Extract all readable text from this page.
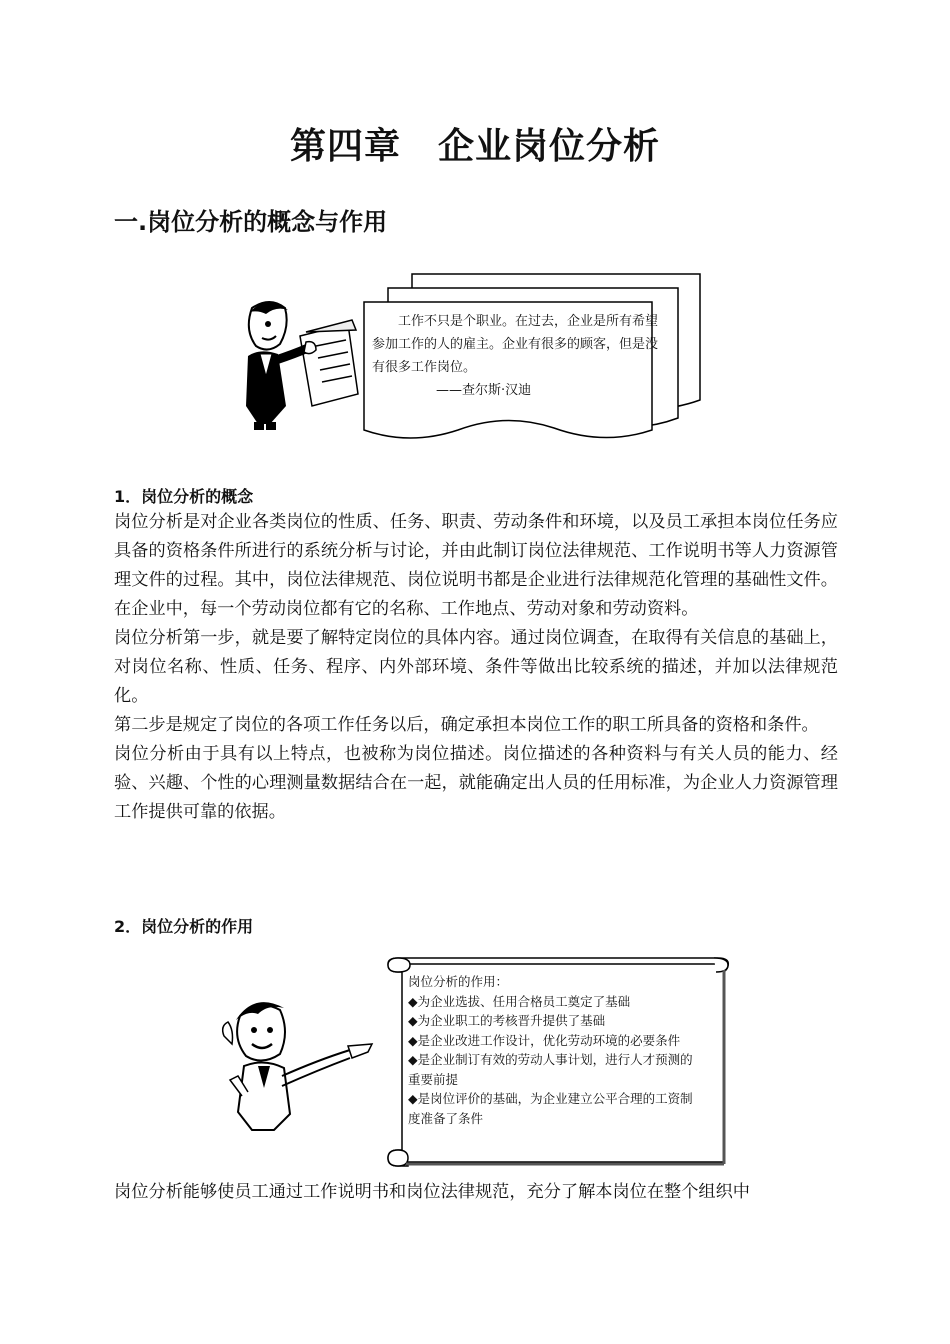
第四章　企业岗位分析
一.岗位分析的概念与作用
工作不只是个职业。在过去，企业是所有希望参加工作的人的雇主。企业有很多的顾客，但是没有很多工作岗位。
——查尔斯·汉迪
1．岗位分析的概念

岗位分析是对企业各类岗位的性质、任务、职责、劳动条件和环境，以及员工承担本岗位任务应具备的资格条件所进行的系统分析与讨论，并由此制订岗位法律规范、工作说明书等人力资源管理文件的过程。其中，岗位法律规范、岗位说明书都是企业进行法律规范化管理的基础性文件。在企业中，每一个劳动岗位都有它的名称、工作地点、劳动对象和劳动资料。

岗位分析第一步，就是要了解特定岗位的具体内容。通过岗位调查，在取得有关信息的基础上，对岗位名称、性质、任务、程序、内外部环境、条件等做出比较系统的描述，并加以法律规范化。

第二步是规定了岗位的各项工作任务以后，确定承担本岗位工作的职工所具备的资格和条件。

岗位分析由于具有以上特点，也被称为岗位描述。岗位描述的各种资料与有关人员的能力、经验、兴趣、个性的心理测量数据结合在一起，就能确定出人员的任用标准，为企业人力资源管理工作提供可靠的依据。

2．岗位分析的作用
岗位分析的作用：
◆为企业选拔、任用合格员工奠定了基础
◆为企业职工的考核晋升提供了基础
◆是企业改进工作设计，优化劳动环境的必要条件
◆是企业制订有效的劳动人事计划，进行人才预测的重要前提
◆是岗位评价的基础，为企业建立公平合理的工资制度准备了条件

岗位分析能够使员工通过工作说明书和岗位法律规范，充分了解本岗位在整个组织中
